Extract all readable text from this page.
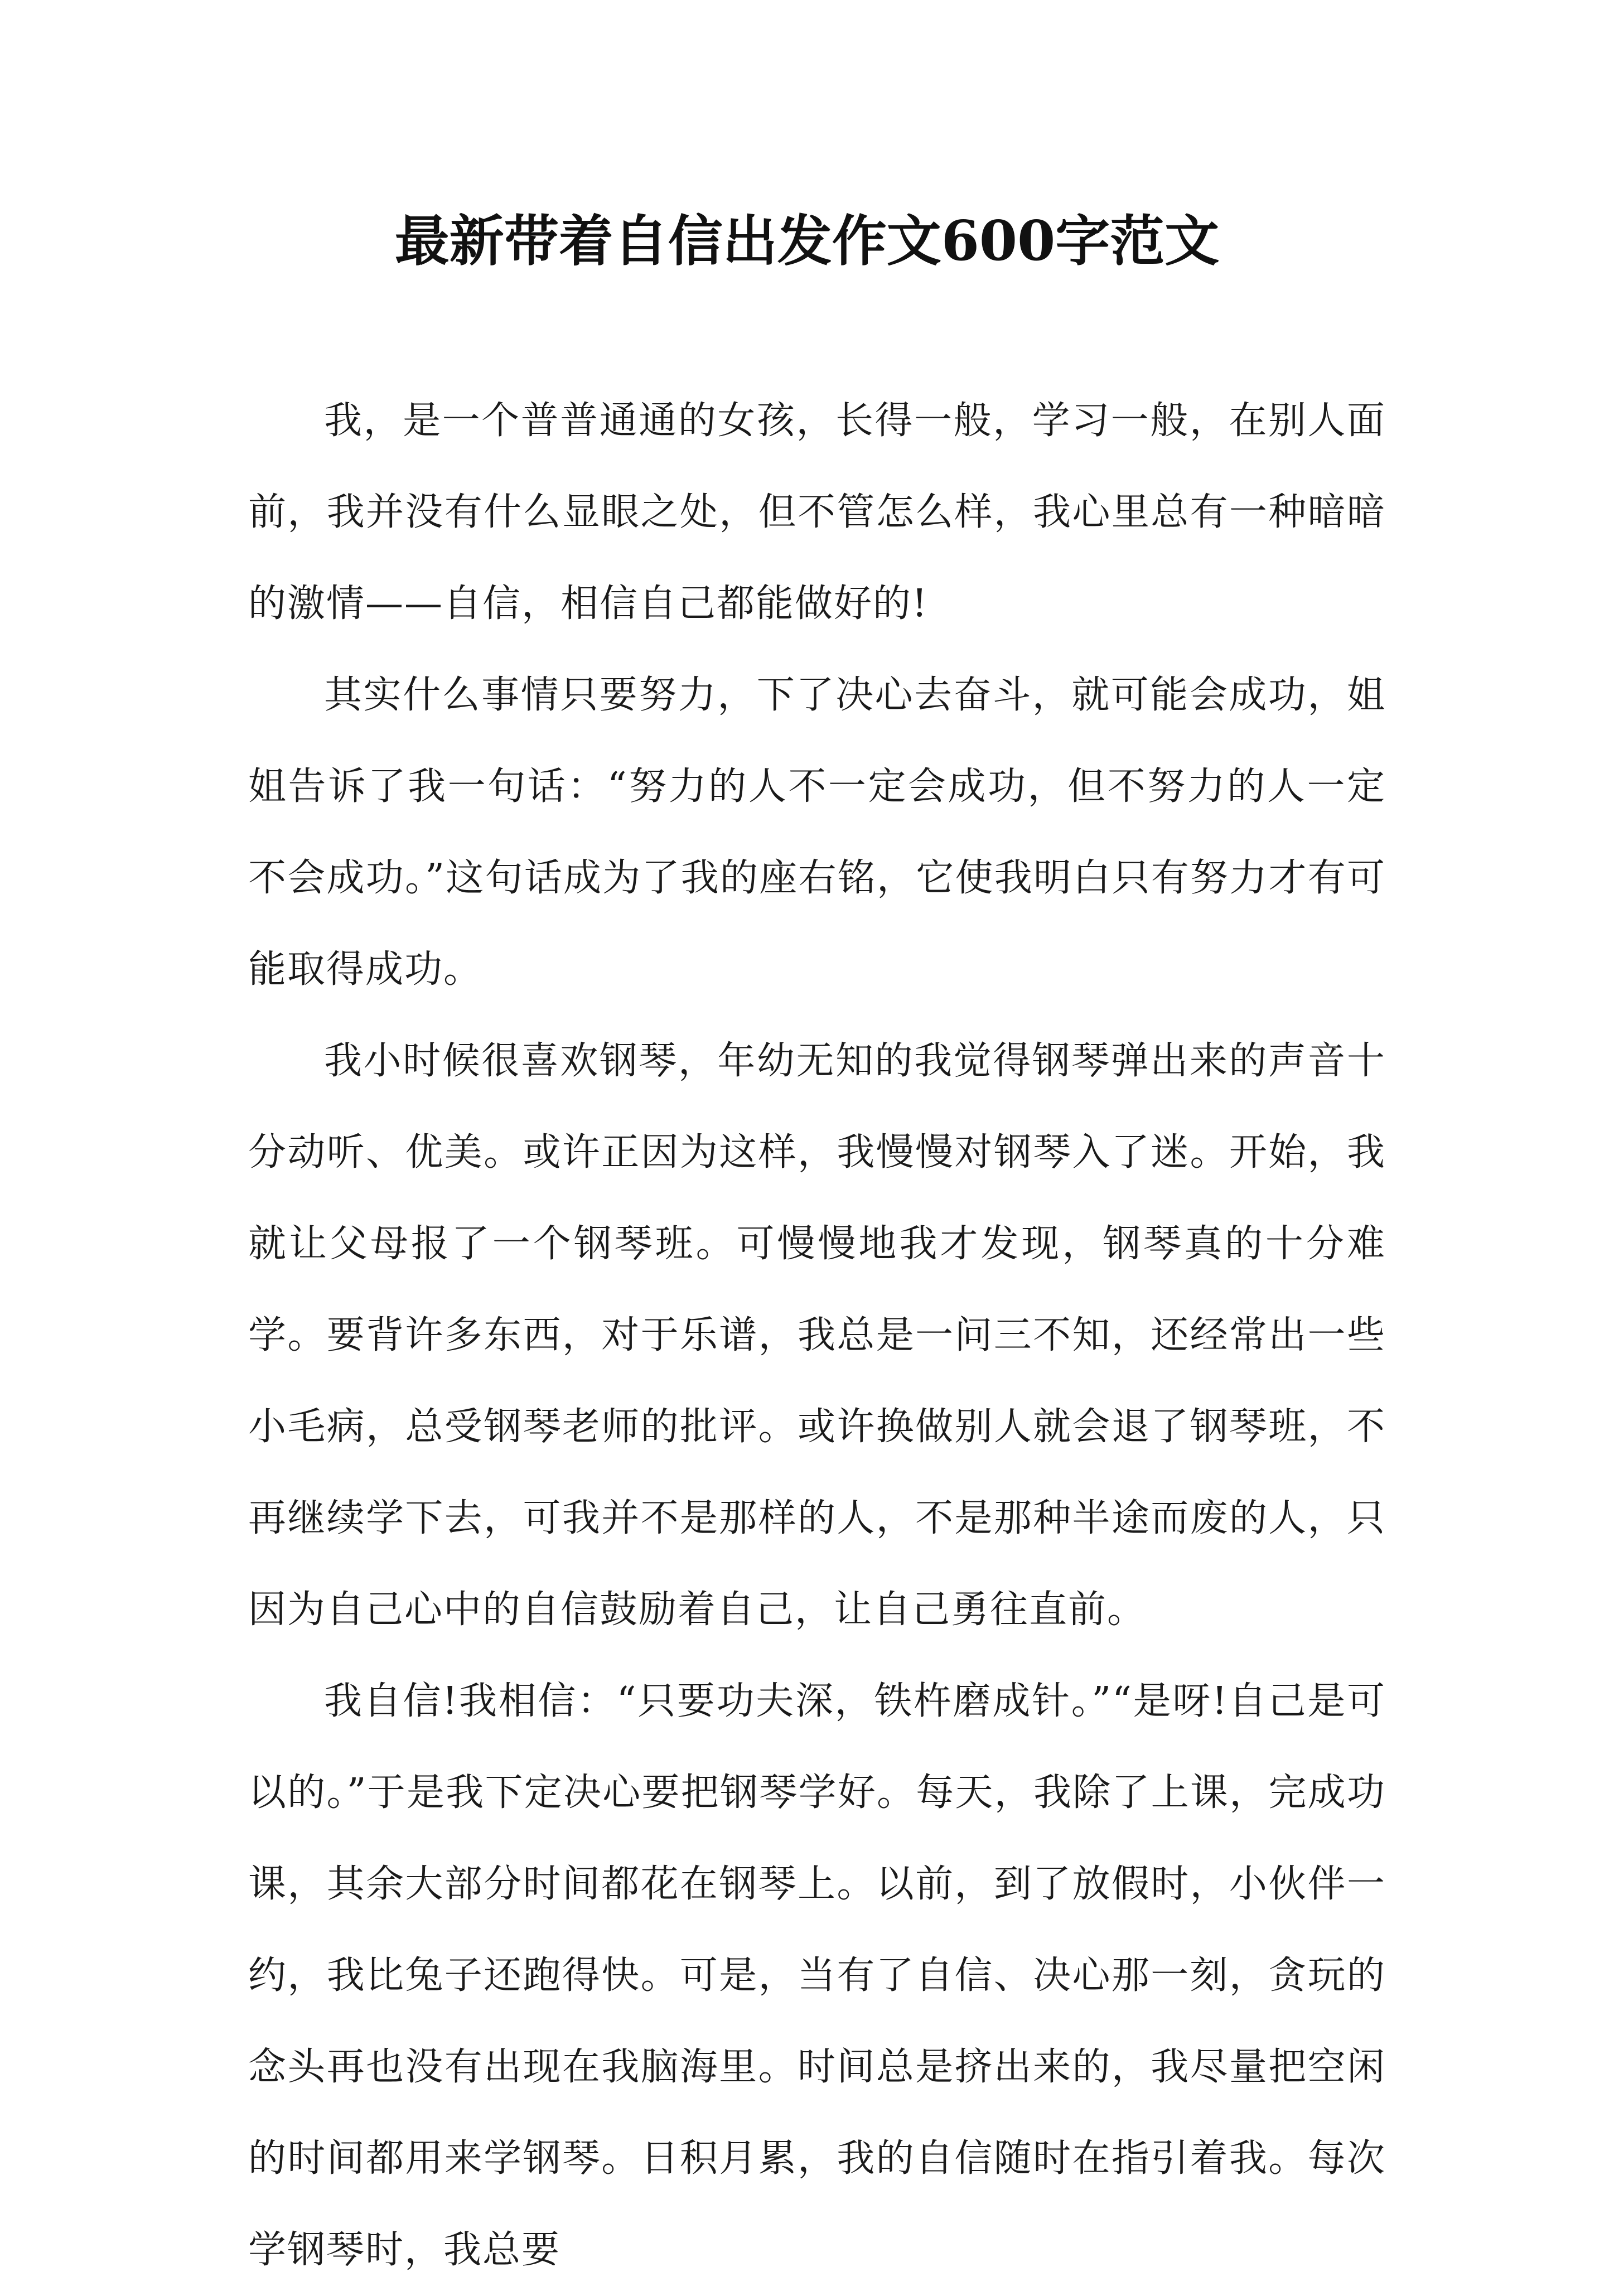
最新带着自信出发作文600字范文

我，是一个普普通通的女孩，长得一般，学习一般，在别人面前，我并没有什么显眼之处，但不管怎么样，我心里总有一种暗暗的激情——自信，相信自己都能做好的!

其实什么事情只要努力，下了决心去奋斗，就可能会成功，姐姐告诉了我一句话：“努力的人不一定会成功，但不努力的人一定不会成功。”这句话成为了我的座右铭，它使我明白只有努力才有可能取得成功。

我小时候很喜欢钢琴，年幼无知的我觉得钢琴弹出来的声音十分动听、优美。或许正因为这样，我慢慢对钢琴入了迷。开始，我就让父母报了一个钢琴班。可慢慢地我才发现，钢琴真的十分难学。要背许多东西，对于乐谱，我总是一问三不知，还经常出一些小毛病，总受钢琴老师的批评。或许换做别人就会退了钢琴班，不再继续学下去，可我并不是那样的人，不是那种半途而废的人，只因为自己心中的自信鼓励着自己，让自己勇往直前。

我自信!我相信：“只要功夫深，铁杵磨成针。”“是呀!自己是可以的。”于是我下定决心要把钢琴学好。每天，我除了上课，完成功课，其余大部分时间都花在钢琴上。以前，到了放假时，小伙伴一约，我比兔子还跑得快。可是，当有了自信、决心那一刻，贪玩的念头再也没有出现在我脑海里。时间总是挤出来的，我尽量把空闲的时间都用来学钢琴。日积月累，我的自信随时在指引着我。每次学钢琴时，我总要
